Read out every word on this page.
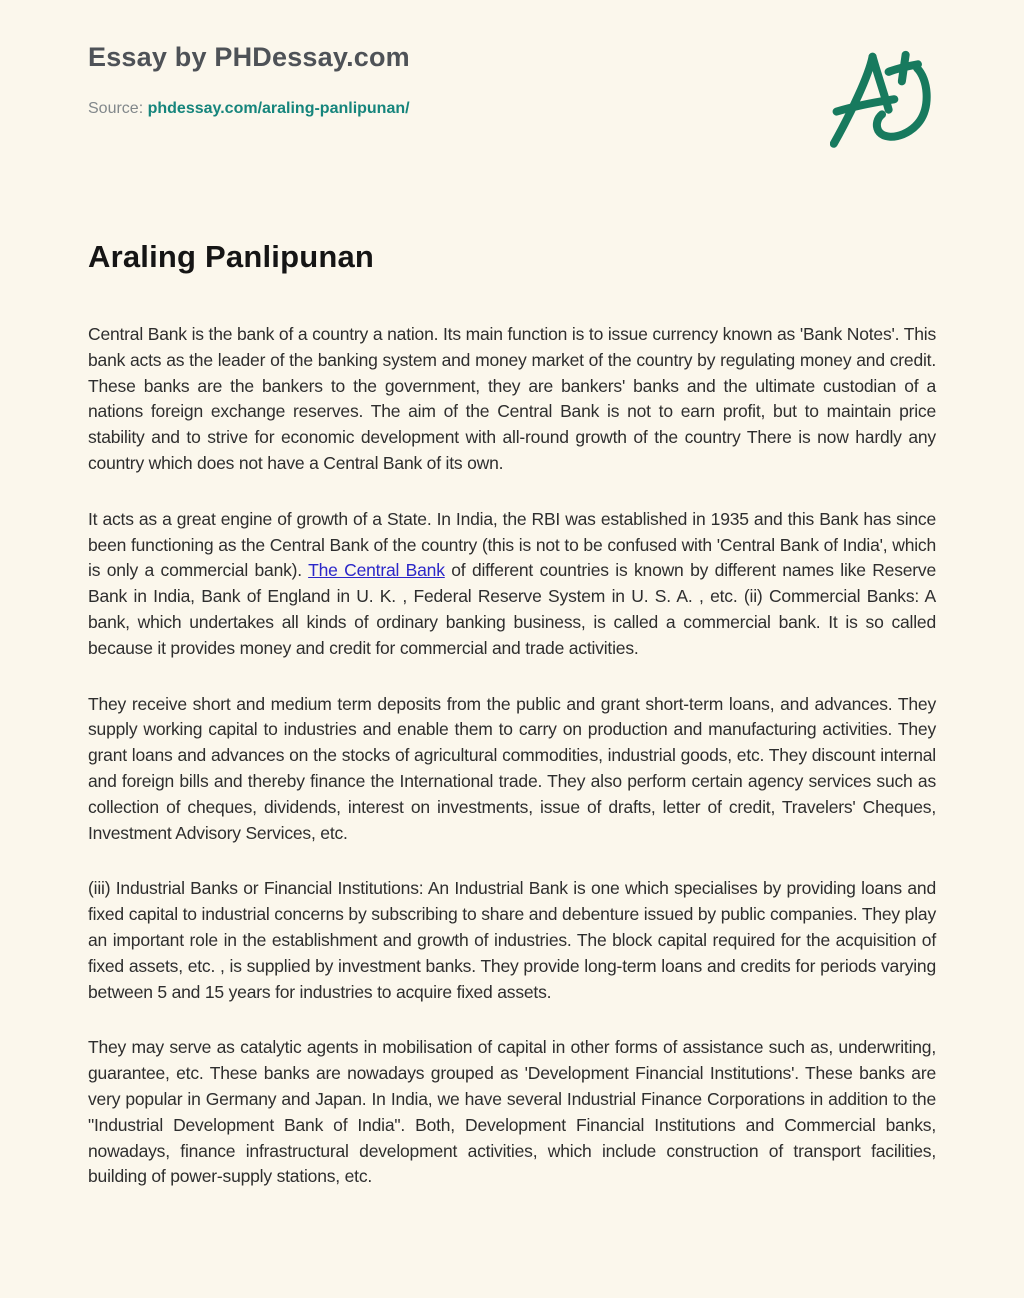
Essay by PHDessay.com
Source: phdessay.com/araling-panlipunan/
Araling Panlipunan

Central Bank is the bank of a country a nation. Its main function is to issue currency known as 'Bank Notes'. This bank acts as the leader of the banking system and money market of the country by regulating money and credit. These banks are the bankers to the government, they are bankers' banks and the ultimate custodian of a nations foreign exchange reserves. The aim of the Central Bank is not to earn profit, but to maintain price stability and to strive for economic development with all-round growth of the country There is now hardly any country which does not have a Central Bank of its own.

It acts as a great engine of growth of a State. In India, the RBI was established in 1935 and this Bank has since been functioning as the Central Bank of the country (this is not to be confused with 'Central Bank of India', which is only a commercial bank). The Central Bank of different countries is known by different names like Reserve Bank in India, Bank of England in U. K. , Federal Reserve System in U. S. A. , etc. (ii) Commercial Banks: A bank, which undertakes all kinds of ordinary banking business, is called a commercial bank. It is so called because it provides money and credit for commercial and trade activities.

They receive short and medium term deposits from the public and grant short-term loans, and advances. They supply working capital to industries and enable them to carry on production and manufacturing activities. They grant loans and advances on the stocks of agricultural commodities, industrial goods, etc. They discount internal and foreign bills and thereby finance the International trade. They also perform certain agency services such as collection of cheques, dividends, interest on investments, issue of drafts, letter of credit, Travelers' Cheques, Investment Advisory Services, etc.

(iii) Industrial Banks or Financial Institutions: An Industrial Bank is one which specialises by providing loans and fixed capital to industrial concerns by subscribing to share and debenture issued by public companies. They play an important role in the establishment and growth of industries. The block capital required for the acquisition of fixed assets, etc. , is supplied by investment banks. They provide long-term loans and credits for periods varying between 5 and 15 years for industries to acquire fixed assets.

They may serve as catalytic agents in mobilisation of capital in other forms of assistance such as, underwriting, guarantee, etc. These banks are nowadays grouped as 'Development Financial Institutions'. These banks are very popular in Germany and Japan. In India, we have several Industrial Finance Corporations in addition to the "Industrial Development Bank of India". Both, Development Financial Institutions and Commercial banks, nowadays, finance infrastructural development activities, which include construction of transport facilities, building of power-supply stations, etc.
